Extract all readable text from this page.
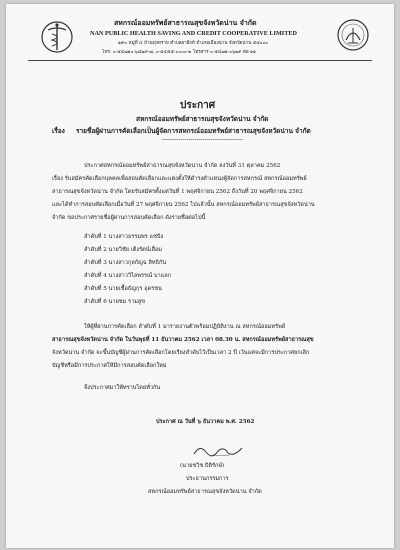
สหกรณ์ออมทรัพย์สาธารณสุขจังหวัดน่าน จำกัด
NAN PUBLIC HEALTH SAVING AND CREDIT COOPERATIVE LIMITED
๑๙๐ หมู่ที่ ๔ บ้านทุ่งทราย ตำบลผาสิงห์ อำเภอเมืองน่าน จังหวัดน่าน ๕๕๐๐๐
โทร. ๐-๕๔๗๑๐-๖๘๒๙-๗, ๐-๕๔๕๕-๐๐๐๐-๒ โทรสาร ๐-๕๔๗๑-๐๖๒๙ ต่อ ๑๑
ประกาศ
สหกรณ์ออมทรัพย์สาธารณสุขจังหวัดน่าน จำกัด
เรื่อง รายชื่อผู้ผ่านการคัดเลือกเป็นผู้จัดการสหกรณ์ออมทรัพย์สาธารณสุขจังหวัดน่าน จำกัด
----------------------------------------
ประกาศสหกรณ์ออมทรัพย์สาธารณสุขจังหวัดน่าน จำกัด ลงวันที่ 31 ตุลาคม 2562
เรื่อง รับสมัครคัดเลือกบุคคลเพื่อสอบคัดเลือกและแต่งตั้งให้ดำรงตำแหน่งผู้จัดการสหกรณ์ สหกรณ์ออมทรัพย์
สาธารณสุขจังหวัดน่าน จำกัด โดยรับสมัครตั้งแต่วันที่ 1 พฤศจิกายน 2562 ถึงวันที่ 20 พฤศจิกายน 2562
และได้ทำการสอบคัดเลือกเมื่อวันที่ 27 พฤศจิกายน 2562 ไปแล้วนั้น สหกรณ์ออมทรัพย์สาธารณสุขจังหวัดน่าน
จำกัด ขอประกาศรายชื่อผู้ผ่านการสอบคัดเลือก ดังรายชื่อต่อไปนี้
ลำดับที่ 1 นางสาวธรรมพร แซ่ปัง
ลำดับที่ 2 นายวิชัย เต็งรัตน์เลื่อม
ลำดับที่ 3 นางสาวกุลกัญฉ สิทธิกัน
ลำดับที่ 4 นางสาววิไลพรรณ์ บาแลก
ลำดับที่ 5 นายเชื้อธัญกุร อุดรชน
ลำดับที่ 6 นายชม รามสูข
ให้ผู้ที่ผ่านการคัดเลือก ลำดับที่ 1 มารายงานตัวพร้อมปฏิบัติงาน ณ สหกรณ์ออมทรัพย์
สาธารณสุขจังหวัดน่าน จำกัด ในวันพุธที่ 11 ธันวาคม 2562 เวลา 08.30 น. สหกรณ์ออมทรัพย์สาธารณสุข
จังหวัดน่าน จำกัด จะขึ้นบัญชีผู้ผ่านการคัดเลือกโดยเรียงลำดับไว้เป็นเวลา 2 ปี เว้นแต่จะมีการประกาศยกเลิก
บัญชีหรือมีการประกาศให้มีการสอบคัดเลือกใหม่
จึงประกาศมาให้ทราบโดยทั่วกัน
ประกาศ ณ วันที่ ๖ ธันวาคม พ.ศ. 2562
(นายชวิช ธิติรักษ์)
ประธานกรรมการ
สหกรณ์ออมทรัพย์สาธารณสุขจังหวัดน่าน จำกัด
